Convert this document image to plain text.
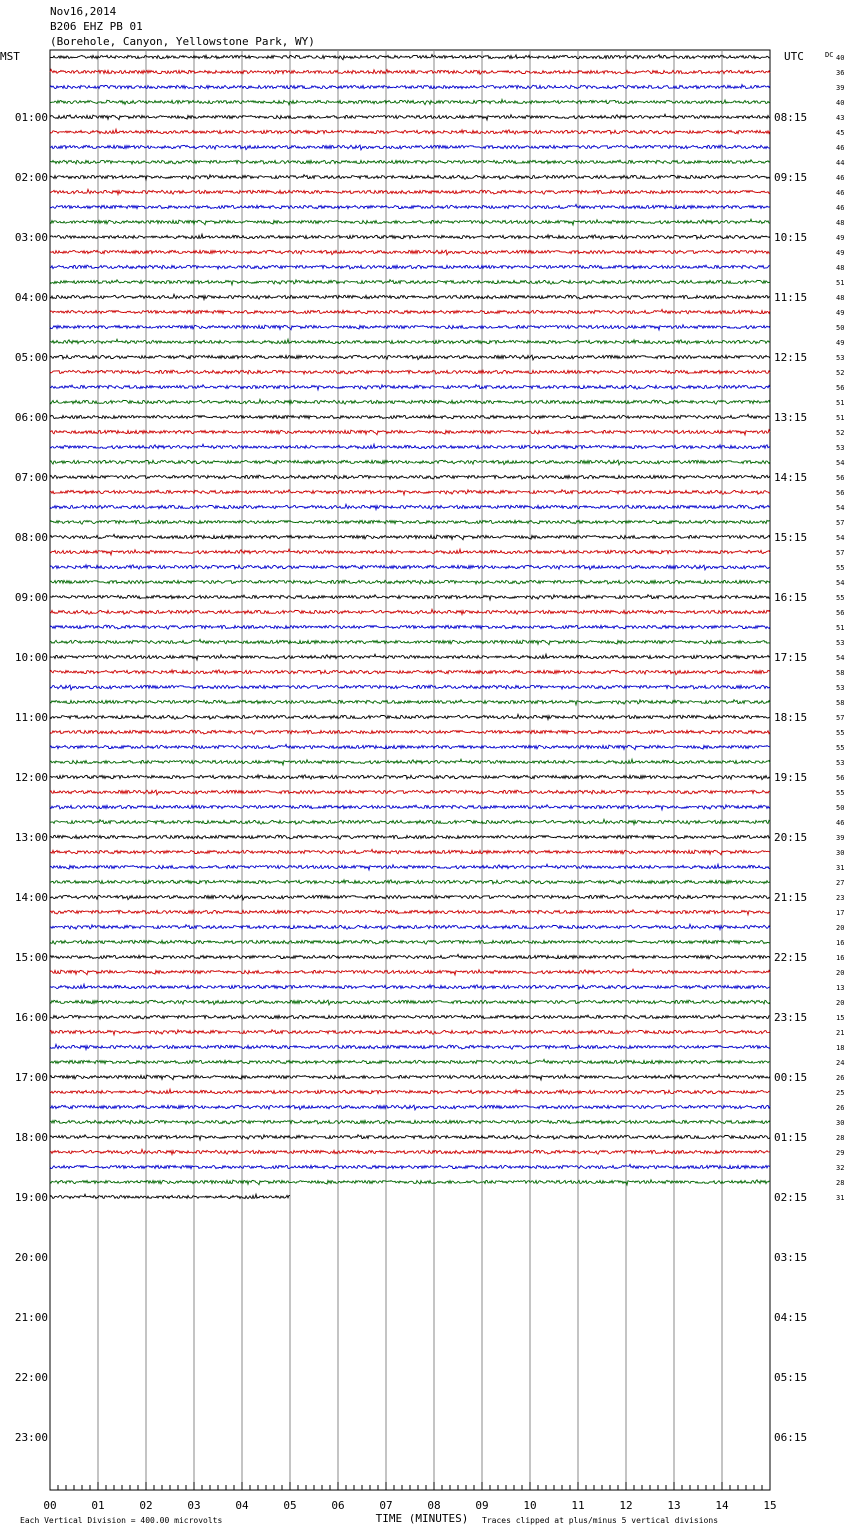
Nov16,2014
B206 EHZ PB 01
(Borehole, Canyon, Yellowstone Park, WY)
MST	UTC	DC
01:00
02:00
03:00
04:00
05:00
06:00
07:00
08:00
09:00
10:00
11:00
12:00
13:00
14:00
15:00
16:00
17:00
18:00
19:00
20:00
21:00
22:00
23:00
08:15
09:15
10:15
11:15
12:15
13:15
14:15
15:15
16:15
17:15
18:15
19:15
20:15
21:15
22:15
23:15
00:15
01:15
02:15
03:15
04:15
05:15
06:15
40
36
39
40
43
45
46
44
46
46
46
48
49
49
48
51
48
49
50
49
53
52
56
51
51
52
53
54
56
56
54
57
54
57
55
54
55
56
51
53
54
58
53
58
57
55
55
53
56
55
50
46
39
30
31
27
23
17
20
16
16
20
13
20
15
21
18
24
26
25
26
30
28
29
32
28
31
00	01	02	03	04	05	06	07	08	09	10	11	12	13	14	15
TIME (MINUTES)
Each Vertical Division = 400.00 microvolts	Traces clipped at plus/minus 5 vertical divisions
